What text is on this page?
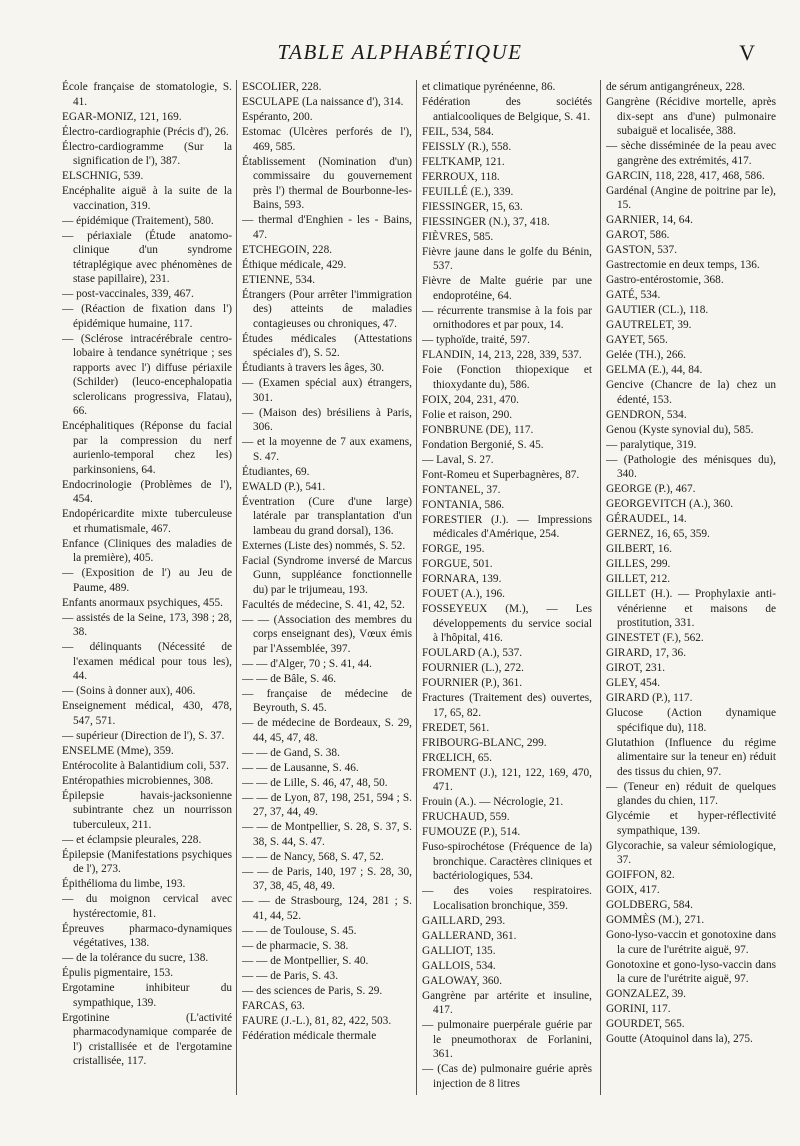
TABLE ALPHABÉTIQUE	V
École française de stomatologie, S. 41.
EGAR-MONIZ, 121, 169.
Électro-cardiographie (Précis d'), 26.
Électro-cardiogramme (Sur la signification de l'), 387.
ELSCHNIG, 539.
Encéphalite aiguë à la suite de la vaccination, 319.
— épidémique (Traitement), 580.
— périaxiale (Étude anatomo-clinique d'un syndrome tétraplégique avec phénomènes de stase papillaire), 231.
— post-vaccinales, 339, 467.
— (Réaction de fixation dans l') épidémique humaine, 117.
— (Sclérose intracérébrale centro-lobaire à tendance synétrique ; ses rapports avec l') diffuse périaxile (Schilder) (leuco-encephalopatia sclerolicans progressiva, Flatau), 66.
Encéphalitiques (Réponse du facial par la compression du nerf aurienlo-temporal chez les) parkinsoniens, 64.
Endocrinologie (Problèmes de l'), 454.
Endopéricardite mixte tuberculeuse et rhumatismale, 467.
Enfance (Cliniques des maladies de la première), 405.
— (Exposition de l') au Jeu de Paume, 489.
Enfants anormaux psychiques, 455.
— assistés de la Seine, 173, 398 ; 28, 38.
— délinquants (Nécessité de l'examen médical pour tous les), 44.
— (Soins à donner aux), 406.
Enseignement médical, 430, 478, 547, 571.
— supérieur (Direction de l'), S. 37.
ENSELME (Mme), 359.
Entérocolite à Balantidium coli, 537.
Entéropathies microbiennes, 308.
Épilepsie havais-jacksonienne subintrante chez un nourrisson tuberculeux, 211.
— et éclampsie pleurales, 228.
Épilepsie (Manifestations psychiques de l'), 273.
Épithélioma du limbe, 193.
— du moignon cervical avec hystérectomie, 81.
Épreuves pharmaco-dynamiques végétatives, 138.
— de la tolérance du sucre, 138.
Épulis pigmentaire, 153.
Ergotamine inhibiteur du sympathique, 139.
Ergotinine (L'activité pharmacodynamique comparée de l') cristallisée et de l'ergotamine cristallisée, 117.
ESCOLIER, 228.
ESCULAPE (La naissance d'), 314.
Espéranto, 200.
Estomac (Ulcères perforés de l'), 469, 585.
Établissement (Nomination d'un) commissaire du gouvernement près l') thermal de Bourbonne-les-Bains, 593.
— thermal d'Enghien - les - Bains, 47.
ETCHEGOIN, 228.
Éthique médicale, 429.
ETIENNE, 534.
Étrangers (Pour arrêter l'immigration des) atteints de maladies contagieuses ou chroniques, 47.
Études médicales (Attestations spéciales d'), S. 52.
Étudiants à travers les âges, 30.
— (Examen spécial aux) étrangers, 301.
— (Maison des) brésiliens à Paris, 306.
— et la moyenne de 7 aux examens, S. 47.
Étudiantes, 69.
EWALD (P.), 541.
Éventration (Cure d'une large) latérale par transplantation d'un lambeau du grand dorsal), 136.
Externes (Liste des) nommés, S. 52.
Facial (Syndrome inversé de Marcus Gunn, suppléance fonctionnelle du) par le trijumeau, 193.
Facultés de médecine, S. 41, 42, 52.
— — (Association des membres du corps enseignant des), Vœux émis par l'Assemblée, 397.
— — d'Alger, 70 ; S. 41, 44.
— — de Bâle, S. 46.
— française de médecine de Beyrouth, S. 45.
— de médecine de Bordeaux, S. 29, 44, 45, 47, 48.
— — de Gand, S. 38.
— — de Lausanne, S. 46.
— — de Lille, S. 46, 47, 48, 50.
— — de Lyon, 87, 198, 251, 594 ; S. 27, 37, 44, 49.
— — de Montpellier, S. 28, S. 37, S. 38, S. 44, S. 47.
— — de Nancy, 568, S. 47, 52.
— — de Paris, 140, 197 ; S. 28, 30, 37, 38, 45, 48, 49.
— — de Strasbourg, 124, 281 ; S. 41, 44, 52.
— — de Toulouse, S. 45.
— de pharmacie, S. 38.
— — de Montpellier, S. 40.
— — de Paris, S. 43.
— des sciences de Paris, S. 29.
FARCAS, 63.
FAURE (J.-L.), 81, 82, 422, 503.
Fédération médicale thermale
et climatique pyrénéenne, 86.
Fédération des sociétés antialcooliques de Belgique, S. 41.
FEIL, 534, 584.
FEISSLY (R.), 558.
FELTKAMP, 121.
FERROUX, 118.
FEUILLÉ (E.), 339.
FIESSINGER, 15, 63.
FIESSINGER (N.), 37, 418.
FIÈVRES, 585.
Fièvre jaune dans le golfe du Bénin, 537.
Fièvre de Malte guérie par une endoprotéine, 64.
— récurrente transmise à la fois par ornithodores et par poux, 14.
— typhoïde, traité, 597.
FLANDIN, 14, 213, 228, 339, 537.
Foie (Fonction thiopexique et thioxydante du), 586.
FOIX, 204, 231, 470.
Folie et raison, 290.
FONBRUNE (DE), 117.
Fondation Bergonié, S. 45.
— Laval, S. 27.
Font-Romeu et Superbagnères, 87.
FONTANEL, 37.
FONTANIA, 586.
FORESTIER (J.). — Impressions médicales d'Amérique, 254.
FORGE, 195.
FORGUE, 501.
FORNARA, 139.
FOUET (A.), 196.
FOSSEYEUX (M.), — Les développements du service social à l'hôpital, 416.
FOULARD (A.), 537.
FOURNIER (L.), 272.
FOURNIER (P.), 361.
Fractures (Traitement des) ouvertes, 17, 65, 82.
FREDET, 561.
FRIBOURG-BLANC, 299.
FRŒLICH, 65.
FROMENT (J.), 121, 122, 169, 470, 471.
Frouin (A.). — Nécrologie, 21.
FRUCHAUD, 559.
FUMOUZE (P.), 514.
Fuso-spirochétose (Fréquence de la) bronchique. Caractères cliniques et bactériologiques, 534.
— des voies respiratoires. Localisation bronchique, 359.
GAILLARD, 293.
GALLERAND, 361.
GALLIOT, 135.
GALLOIS, 534.
GALOWAY, 360.
Gangrène par artérite et insuline, 417.
— pulmonaire puerpérale guérie par le pneumothorax de Forlanini, 361.
— (Cas de) pulmonaire guérie après injection de 8 litres
de sérum antigangréneux, 228.
Gangrène (Récidive mortelle, après dix-sept ans d'une) pulmonaire subaiguë et localisée, 388.
— sèche disséminée de la peau avec gangrène des extrémités, 417.
GARCIN, 118, 228, 417, 468, 586.
Gardénal (Angine de poitrine par le), 15.
GARNIER, 14, 64.
GAROT, 586.
GASTON, 537.
Gastrectomie en deux temps, 136.
Gastro-entérostomie, 368.
GATÉ, 534.
GAUTIER (CL.), 118.
GAUTRELET, 39.
GAYET, 565.
Gelée (TH.), 266.
GELMA (E.), 44, 84.
Gencive (Chancre de la) chez un édenté, 153.
GENDRON, 534.
Genou (Kyste synovial du), 585.
— paralytique, 319.
— (Pathologie des ménisques du), 340.
GEORGE (P.), 467.
GEORGEVITCH (A.), 360.
GÉRAUDEL, 14.
GERNEZ, 16, 65, 359.
GILBERT, 16.
GILLES, 299.
GILLET, 212.
GILLET (H.). — Prophylaxie anti-vénérienne et maisons de prostitution, 331.
GINESTET (F.), 562.
GIRARD, 17, 36.
GIROT, 231.
GLEY, 454.
GIRARD (P.), 117.
Glucose (Action dynamique spécifique du), 118.
Glutathion (Influence du régime alimentaire sur la teneur en) réduit des tissus du chien, 97.
— (Teneur en) réduit de quelques glandes du chien, 117.
Glycémie et hyper-réflectivité sympathique, 139.
Glycorachie, sa valeur sémiologique, 37.
GOIFFON, 82.
GOIX, 417.
GOLDBERG, 584.
GOMMÈS (M.), 271.
Gono-lyso-vaccin et gonotoxine dans la cure de l'urétrite aiguë, 97.
Gonotoxine et gono-lyso-vaccin dans la cure de l'urétrite aiguë, 97.
GONZALEZ, 39.
GORINI, 117.
GOURDET, 565.
Goutte (Atoquinol dans la), 275.
